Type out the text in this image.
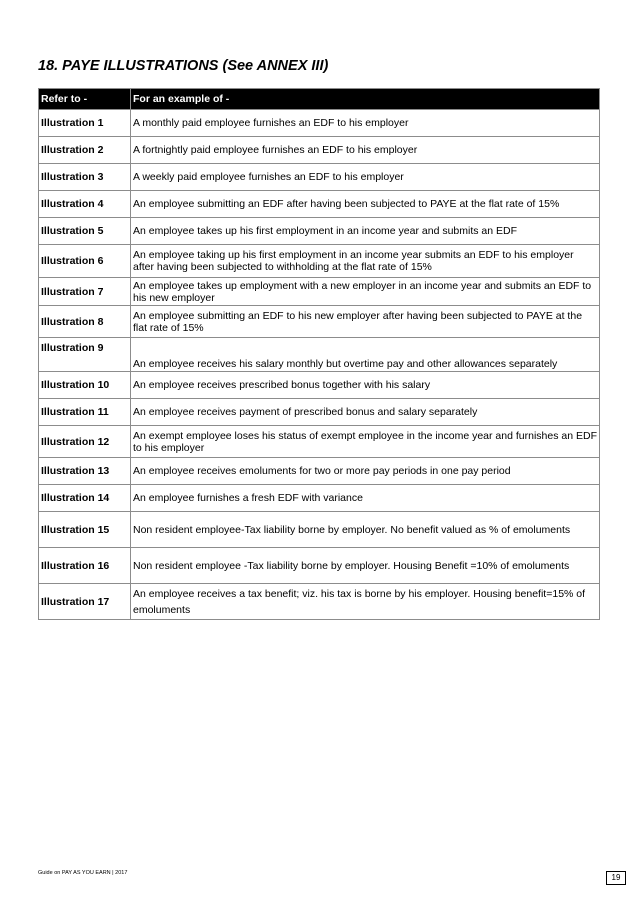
18. PAYE ILLUSTRATIONS (See ANNEX III)
Refer to -	For an example of -
Illustration 1	A monthly paid employee furnishes an EDF to his employer
Illustration 2	A fortnightly paid employee furnishes an EDF to his employer
Illustration 3	A weekly paid employee furnishes an EDF to his employer
Illustration 4	An employee submitting an EDF after having been subjected to PAYE at the flat rate of 15%
Illustration 5	An employee takes up his first employment in an income year and submits an EDF
Illustration 6	An employee taking up his first employment in an income year submits an EDF to his employer after having been subjected to withholding at the flat rate of 15%
Illustration 7	An employee takes up employment with a new employer in an income year and submits an EDF to his new employer
Illustration 8	An employee submitting an EDF to his new employer after having been subjected to PAYE at the flat rate of 15%
Illustration 9	An employee receives his salary monthly but overtime pay and other allowances separately
Illustration 10	An employee receives prescribed bonus together with his salary
Illustration 11	An employee receives payment of prescribed bonus and salary separately
Illustration 12	An exempt employee loses his status of exempt employee in the income year and furnishes an EDF to his employer
Illustration 13	An employee receives emoluments for two or more pay periods in one pay period
Illustration 14	An employee furnishes a fresh EDF with variance
Illustration 15	Non resident employee-Tax liability borne by employer. No benefit valued as % of emoluments
Illustration 16	Non resident employee -Tax liability borne by employer. Housing Benefit =10% of emoluments
Illustration 17	An employee receives a tax benefit; viz. his tax is borne by his employer. Housing benefit=15% of emoluments
Guide on PAY AS YOU EARN | 2017	19
